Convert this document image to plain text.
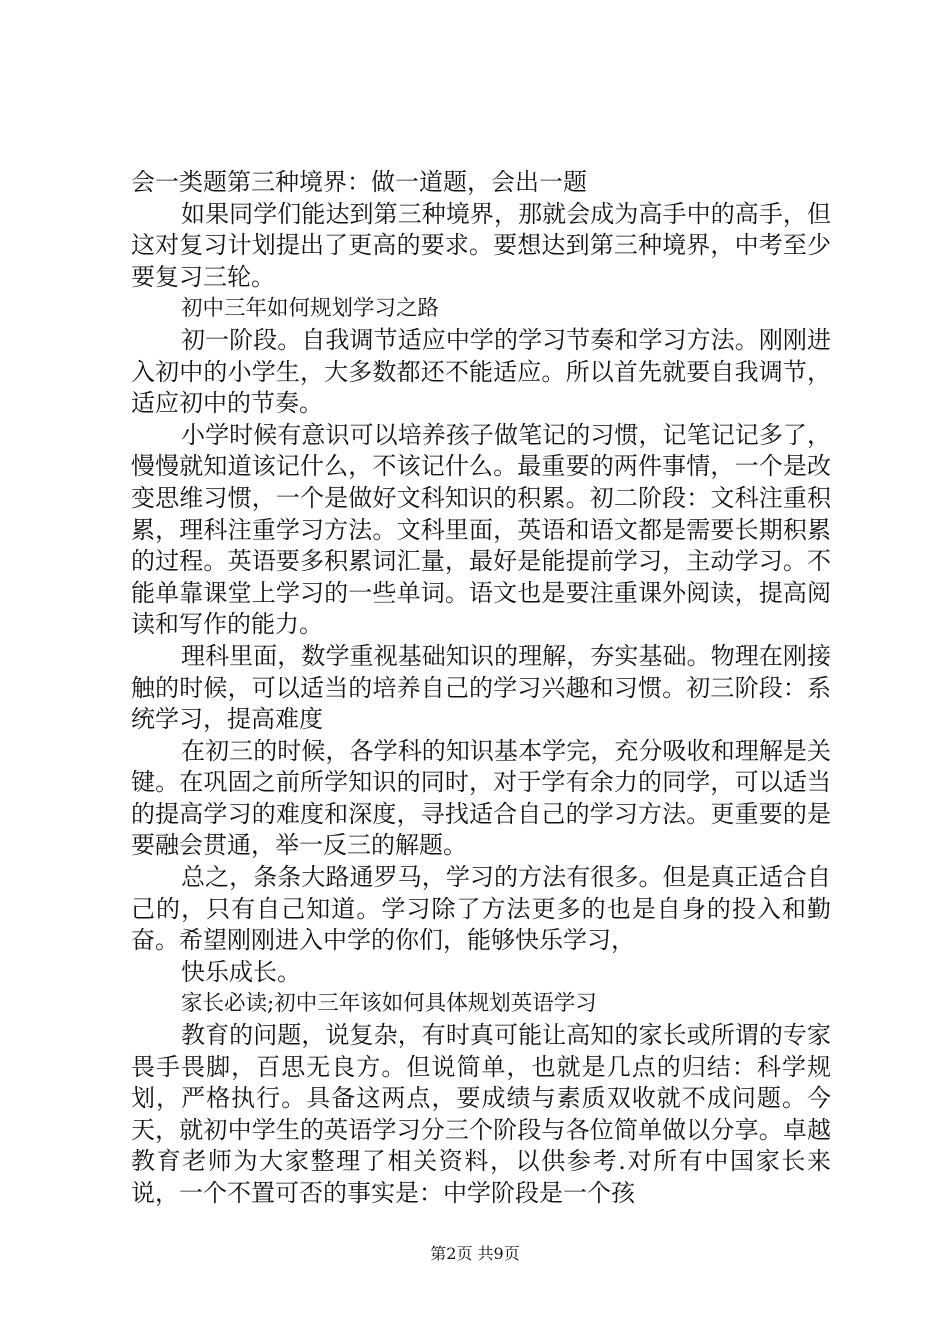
会一类题第三种境界：做一道题，会出一题

如果同学们能达到第三种境界，那就会成为高手中的高手，但这对复习计划提出了更高的要求。要想达到第三种境界，中考至少要复习三轮。

初中三年如何规划学习之路

初一阶段。自我调节适应中学的学习节奏和学习方法。刚刚进入初中的小学生，大多数都还不能适应。所以首先就要自我调节，适应初中的节奏。

小学时候有意识可以培养孩子做笔记的习惯，记笔记记多了，慢慢就知道该记什么，不该记什么。最重要的两件事情，一个是改变思维习惯，一个是做好文科知识的积累。初二阶段：文科注重积累，理科注重学习方法。文科里面，英语和语文都是需要长期积累的过程。英语要多积累词汇量，最好是能提前学习，主动学习。不能单靠课堂上学习的一些单词。语文也是要注重课外阅读，提高阅读和写作的能力。

理科里面，数学重视基础知识的理解，夯实基础。物理在刚接触的时候，可以适当的培养自己的学习兴趣和习惯。初三阶段：系统学习，提高难度

在初三的时候，各学科的知识基本学完，充分吸收和理解是关键。在巩固之前所学知识的同时，对于学有余力的同学，可以适当的提高学习的难度和深度，寻找适合自己的学习方法。更重要的是要融会贯通，举一反三的解题。

总之，条条大路通罗马，学习的方法有很多。但是真正适合自己的，只有自己知道。学习除了方法更多的也是自身的投入和勤奋。希望刚刚进入中学的你们，能够快乐学习，

快乐成长。

家长必读;初中三年该如何具体规划英语学习

教育的问题，说复杂，有时真可能让高知的家长或所谓的专家畏手畏脚，百思无良方。但说简单，也就是几点的归结：科学规划，严格执行。具备这两点，要成绩与素质双收就不成问题。今天，就初中学生的英语学习分三个阶段与各位简单做以分享。卓越教育老师为大家整理了相关资料，以供参考.对所有中国家长来说，一个不置可否的事实是：中学阶段是一个孩

第2页 共9页
